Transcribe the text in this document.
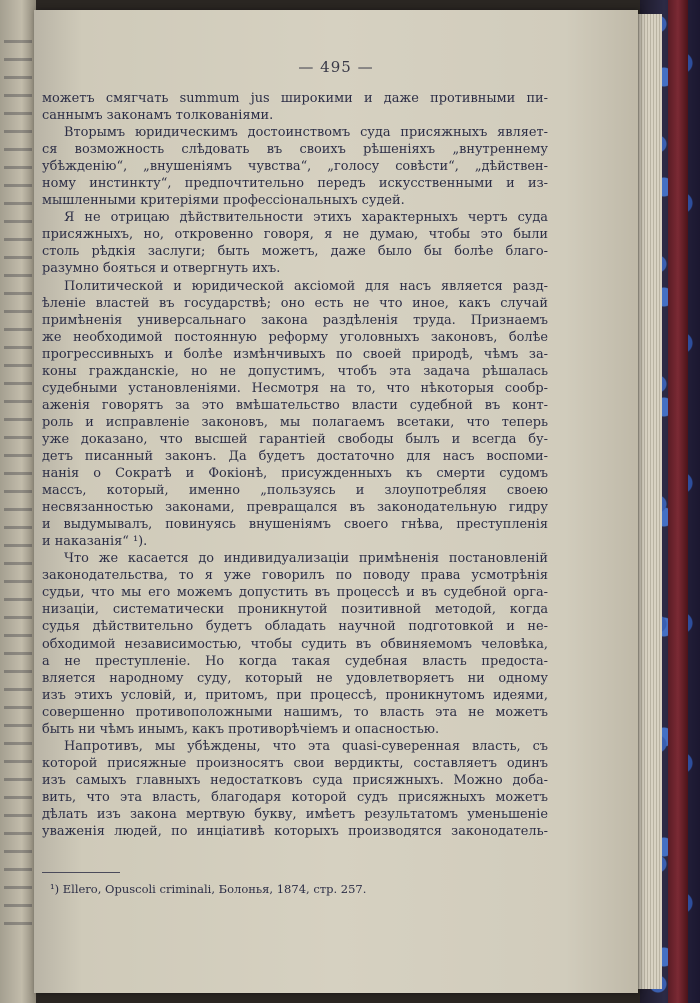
— 495 —
можетъ смягчать summum jus широкими и даже противными пи-
саннымъ законамъ толкованіями.
Вторымъ юридическимъ достоинствомъ суда присяжныхъ являет-
ся возможность слѣдовать въ своихъ рѣшеніяхъ „внутреннему
убѣжденію“, „внушеніямъ чувства“, „голосу совѣсти“, „дѣйствен-
ному инстинкту“, предпочтительно передъ искусственными и из-
мышленными критеріями профессіональныхъ судей.
Я не отрицаю дѣйствительности этихъ характерныхъ чертъ суда
присяжныхъ, но, откровенно говоря, я не думаю, чтобы это были
столь рѣдкія заслуги; быть можетъ, даже было бы болѣе благо-
разумно бояться и отвергнуть ихъ.
Политической и юридической аксіомой для насъ является разд-
ѣленіе властей въ государствѣ; оно есть не что иное, какъ случай
примѣненія универсальнаго закона раздѣленія труда. Признаемъ
же необходимой постоянную реформу уголовныхъ законовъ, болѣе
прогрессивныхъ и болѣе измѣнчивыхъ по своей природѣ, чѣмъ за-
коны гражданскіе, но не допустимъ, чтобъ эта задача рѣшалась
судебными установленіями. Несмотря на то, что нѣкоторыя сообр-
аженія говорятъ за это вмѣшательство власти судебной въ конт-
роль и исправленіе законовъ, мы полагаемъ всетаки, что теперь
уже доказано, что высшей гарантіей свободы былъ и всегда бу-
детъ писанный законъ. Да будетъ достаточно для насъ воспоми-
нанія о Сократѣ и Фокіонѣ, присужденныхъ къ смерти судомъ
массъ, который, именно „пользуясь и злоупотребляя своею
несвязанностью законами, превращался въ законодательную гидру
и выдумывалъ, повинуясь внушеніямъ своего гнѣва, преступленія
и наказанія“ ¹).
Что же касается до индивидуализаціи примѣненія постановленій
законодательства, то я уже говорилъ по поводу права усмотрѣнія
судьи, что мы его можемъ допустить въ процессѣ и въ судебной орга-
низаціи, систематически проникнутой позитивной методой, когда
судья дѣйствительно будетъ обладать научной подготовкой и не-
обходимой независимостью, чтобы судить въ обвиняемомъ человѣка,
а не преступленіе. Но когда такая судебная власть предоста-
вляется народному суду, который не удовлетворяетъ ни одному
изъ этихъ условій, и, притомъ, при процессѣ, проникнутомъ идеями,
совершенно противоположными нашимъ, то власть эта не можетъ
быть ни чѣмъ инымъ, какъ противорѣчіемъ и опасностью.
Напротивъ, мы убѣждены, что эта quasi-суверенная власть, съ
которой присяжные произносятъ свои вердикты, составляетъ одинъ
изъ самыхъ главныхъ недостатковъ суда присяжныхъ. Можно доба-
вить, что эта власть, благодаря которой судъ присяжныхъ можетъ
дѣлать изъ закона мертвую букву, имѣетъ результатомъ уменьшеніе
уваженія людей, по инціативѣ которыхъ производятся законодатель-
¹) Ellero, Opuscoli criminali, Болонья, 1874, стр. 257.
